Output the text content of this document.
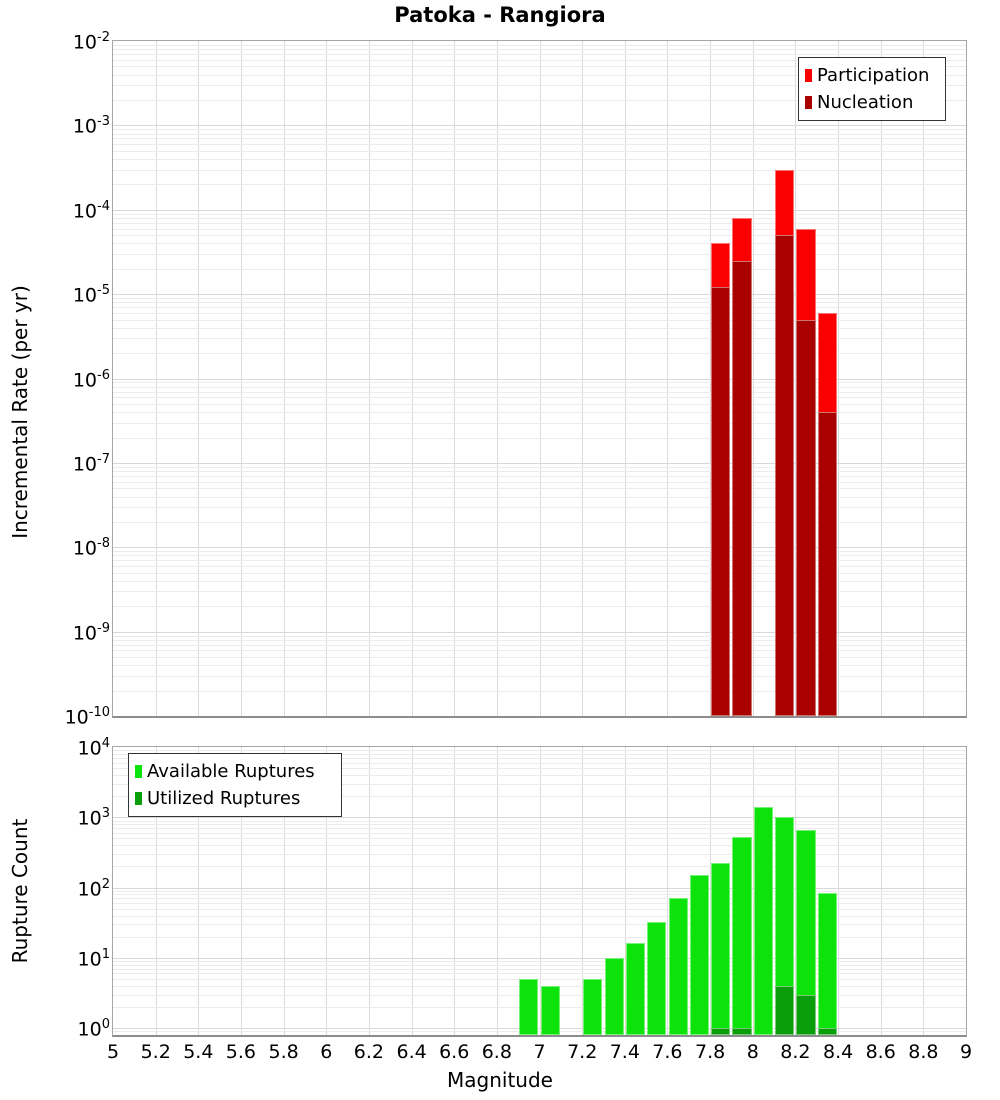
Patoka - Rangiora
Incremental Rate (per yr)
Rupture Count
Participation
Nucleation
Available Ruptures
Utilized Ruptures
$10^{-2}$
$10^{-3}$
$10^{-4}$
$10^{-5}$
$10^{-6}$
$10^{-7}$
$10^{-8}$
$10^{-9}$
$10^{-10}$
$10^4$
$10^3$
$10^2$
$10^1$
$10^0$
5 5.2 5.4 5.6 5.8 6 6.2 6.4 6.6 6.8 7 7.2 7.4 7.6 7.8 8 8.2 8.4 8.6 8.8 9
Magnitude
